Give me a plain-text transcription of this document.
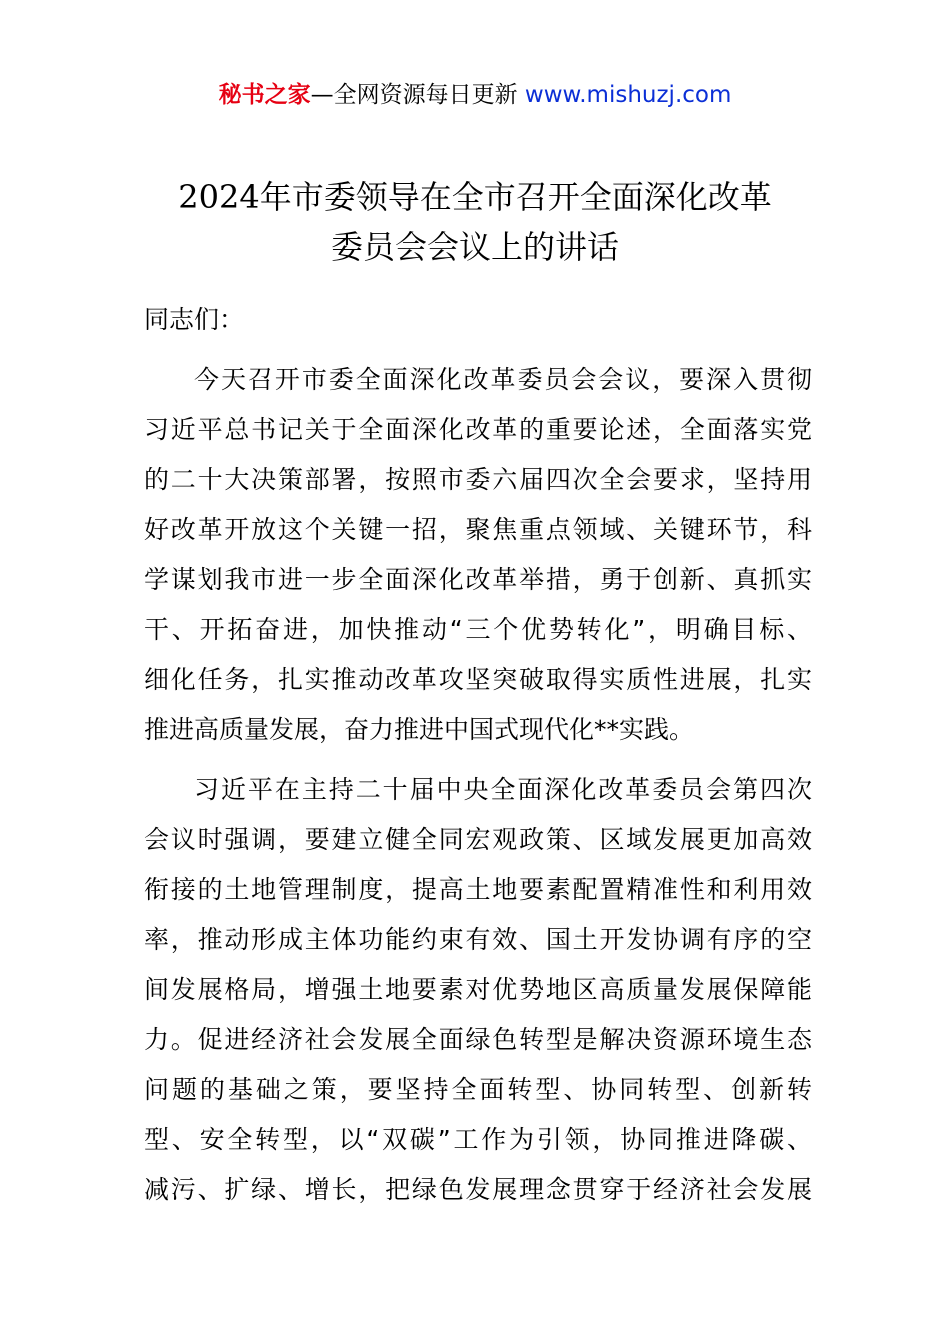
秘书之家—全网资源每日更新 www.mishuzj.com
2024年市委领导在全市召开全面深化改革
委员会会议上的讲话
同志们：
今天召开市委全面深化改革委员会会议，要深入贯彻
习近平总书记关于全面深化改革的重要论述，全面落实党
的二十大决策部署，按照市委六届四次全会要求，坚持用
好改革开放这个关键一招，聚焦重点领域、关键环节，科
学谋划我市进一步全面深化改革举措，勇于创新、真抓实
干、开拓奋进，加快推动“三个优势转化”，明确目标、
细化任务，扎实推动改革攻坚突破取得实质性进展，扎实
推进高质量发展，奋力推进中国式现代化**实践。
习近平在主持二十届中央全面深化改革委员会第四次
会议时强调，要建立健全同宏观政策、区域发展更加高效
衔接的土地管理制度，提高土地要素配置精准性和利用效
率，推动形成主体功能约束有效、国土开发协调有序的空
间发展格局，增强土地要素对优势地区高质量发展保障能
力。促进经济社会发展全面绿色转型是解决资源环境生态
问题的基础之策，要坚持全面转型、协同转型、创新转
型、安全转型，以“双碳”工作为引领，协同推进降碳、
减污、扩绿、增长，把绿色发展理念贯穿于经济社会发展
